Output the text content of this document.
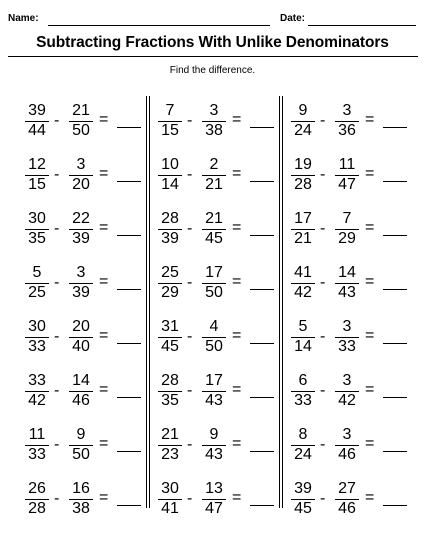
Name:	Date:
Subtracting Fractions With Unlike Denominators
Find the difference.
$\frac{39}{44} - \frac{21}{50}$ =
$\frac{12}{15} - \frac{3}{20}$ =
$\frac{30}{35} - \frac{22}{39}$ =
$\frac{5}{25} - \frac{3}{39}$ =
$\frac{30}{33} - \frac{20}{40}$ =
$\frac{33}{42} - \frac{14}{46}$ =
$\frac{11}{33} - \frac{9}{50}$ =
$\frac{26}{28} - \frac{16}{38}$ =
$\frac{7}{15} - \frac{3}{38}$ =
$\frac{10}{14} - \frac{2}{21}$ =
$\frac{28}{39} - \frac{21}{45}$ =
$\frac{25}{29} - \frac{17}{50}$ =
$\frac{31}{45} - \frac{4}{50}$ =
$\frac{28}{35} - \frac{17}{43}$ =
$\frac{21}{23} - \frac{9}{43}$ =
$\frac{30}{41} - \frac{13}{47}$ =
$\frac{9}{24} - \frac{3}{36}$ =
$\frac{19}{28} - \frac{11}{47}$ =
$\frac{17}{21} - \frac{7}{29}$ =
$\frac{41}{42} - \frac{14}{43}$ =
$\frac{5}{14} - \frac{3}{33}$ =
$\frac{6}{33} - \frac{3}{42}$ =
$\frac{8}{24} - \frac{3}{46}$ =
$\frac{39}{45} - \frac{27}{46}$ =
